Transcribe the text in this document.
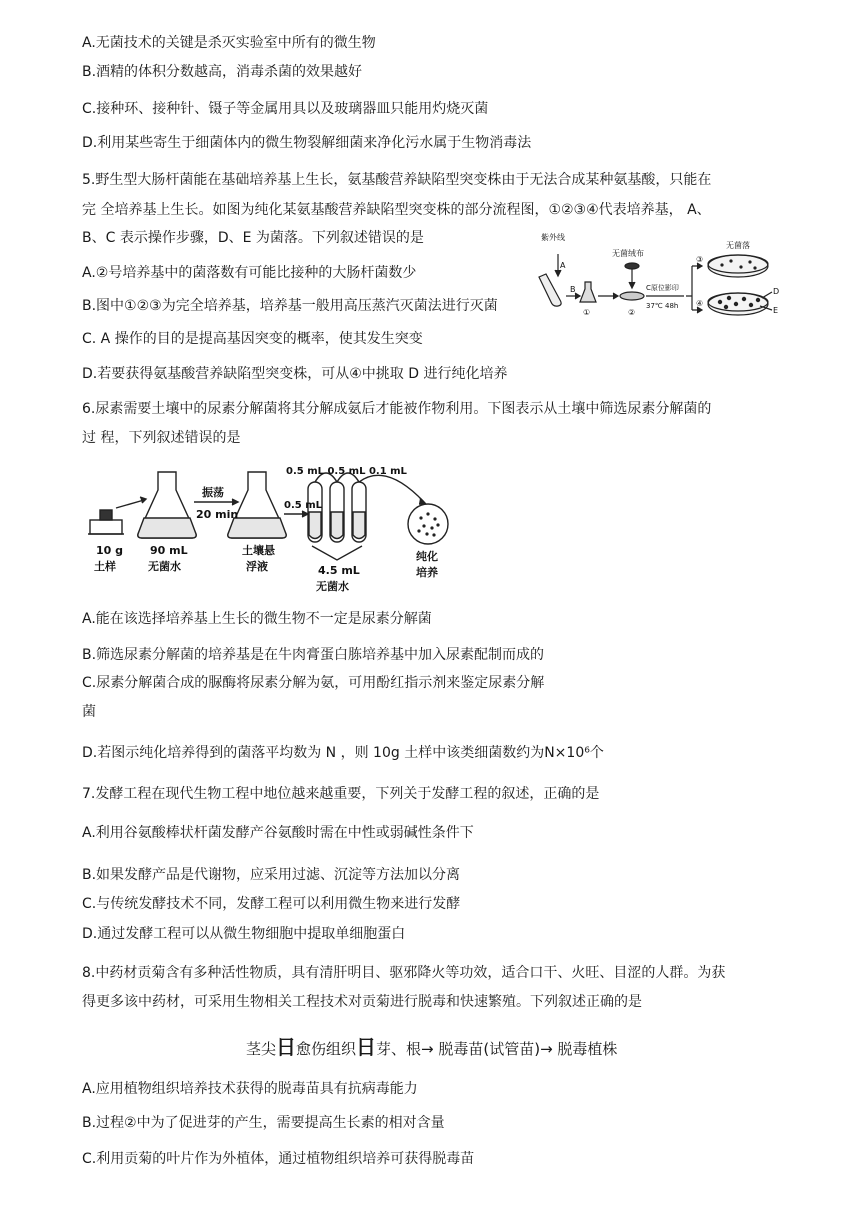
A.无菌技术的关键是杀灭实验室中所有的微生物
B.酒精的体积分数越高，消毒杀菌的效果越好
C.接种环、接种针、镊子等金属用具以及玻璃器皿只能用灼烧灭菌
D.利用某些寄生于细菌体内的微生物裂解细菌来净化污水属于生物消毒法
5.野生型大肠杆菌能在基础培养基上生长，氨基酸营养缺陷型突变株由于无法合成某种氨基酸，只能在
完 全培养基上生长。如图为纯化某氨基酸营养缺陷型突变株的部分流程图，①②③④代表培养基， A、
B、C 表示操作步骤，D、E 为菌落。下列叙述错误的是
A.②号培养基中的菌落数有可能比接种的大肠杆菌数少
B.图中①②③为完全培养基，培养基一般用高压蒸汽灭菌法进行灭菌
C. A 操作的目的是提高基因突变的概率，使其发生突变
D.若要获得氨基酸营养缺陷型突变株，可从④中挑取 D 进行纯化培养
紫外线
A
B
无菌绒布
C原位影印
37℃ 48h
无菌落
①	②
③
④
D
E
6.尿素需要土壤中的尿素分解菌将其分解成氨后才能被作物利用。下图表示从土壤中筛选尿素分解菌的
过 程，下列叙述错误的是
10 g
土样
90 mL
无菌水
振荡
20 min
土壤悬
浮液
0.5 mL
0.5 mL 0.5 mL 0.1 mL
4.5 mL
无菌水
纯化
培养
A.能在该选择培养基上生长的微生物不一定是尿素分解菌
B.筛选尿素分解菌的培养基是在牛肉膏蛋白胨培养基中加入尿素配制而成的
C.尿素分解菌合成的脲酶将尿素分解为氨，可用酚红指示剂来鉴定尿素分解
菌
D.若图示纯化培养得到的菌落平均数为 N ，则 10g 土样中该类细菌数约为N×10⁶个
7.发酵工程在现代生物工程中地位越来越重要，下列关于发酵工程的叙述，正确的是
A.利用谷氨酸棒状杆菌发酵产谷氨酸时需在中性或弱碱性条件下
B.如果发酵产品是代谢物，应采用过滤、沉淀等方法加以分离
C.与传统发酵技术不同，发酵工程可以利用微生物来进行发酵
D.通过发酵工程可以从微生物细胞中提取单细胞蛋白
8.中药材贡菊含有多种活性物质，具有清肝明目、驱邪降火等功效，适合口干、火旺、目涩的人群。为获
得更多该中药材，可采用生物相关工程技术对贡菊进行脱毒和快速繁殖。下列叙述正确的是
茎尖日愈伤组织日芽、根→ 脱毒苗(试管苗)→ 脱毒植株
A.应用植物组织培养技术获得的脱毒苗具有抗病毒能力
B.过程②中为了促进芽的产生，需要提高生长素的相对含量
C.利用贡菊的叶片作为外植体，通过植物组织培养可获得脱毒苗
